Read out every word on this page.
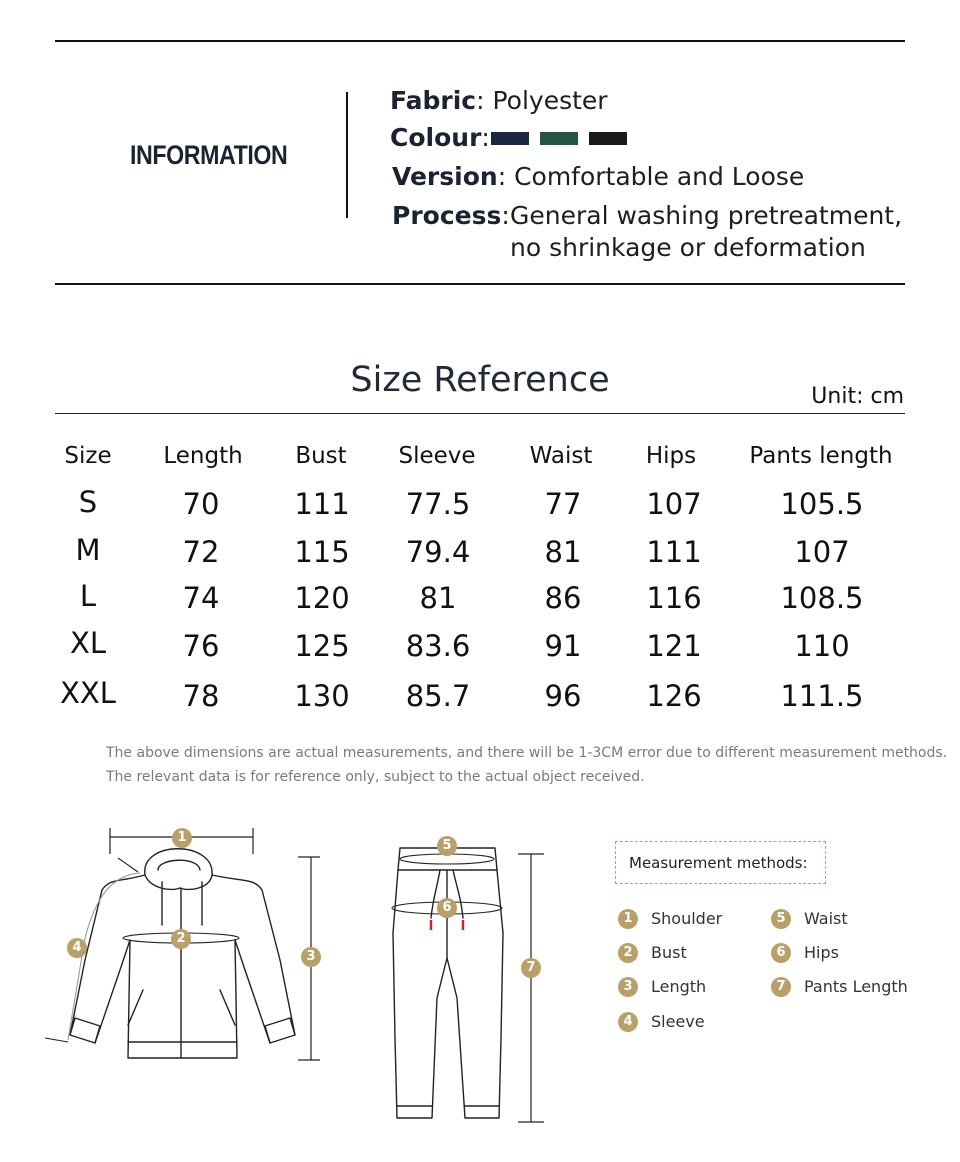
INFORMATION
Fabric: Polyester
Colour:
Version: Comfortable and Loose
Process: General washing pretreatment,
no shrinkage or deformation
Size Reference	Unit: cm
Size	Length	Bust	Sleeve	Waist	Hips	Pants length
S	70	111	77.5	77	107	105.5
M	72	115	79.4	81	111	107
L	74	120	81	86	116	108.5
XL	76	125	83.6	91	121	110
XXL	78	130	85.7	96	126	111.5
The above dimensions are actual measurements, and there will be 1-3CM error due to different measurement methods.
The relevant data is for reference only, subject to the actual object received.
1
2
3
4
5
6
7
Measurement methods:
1	Shoulder
2	Bust
3	Length
4	Sleeve
5	Waist
6	Hips
7	Pants Length
